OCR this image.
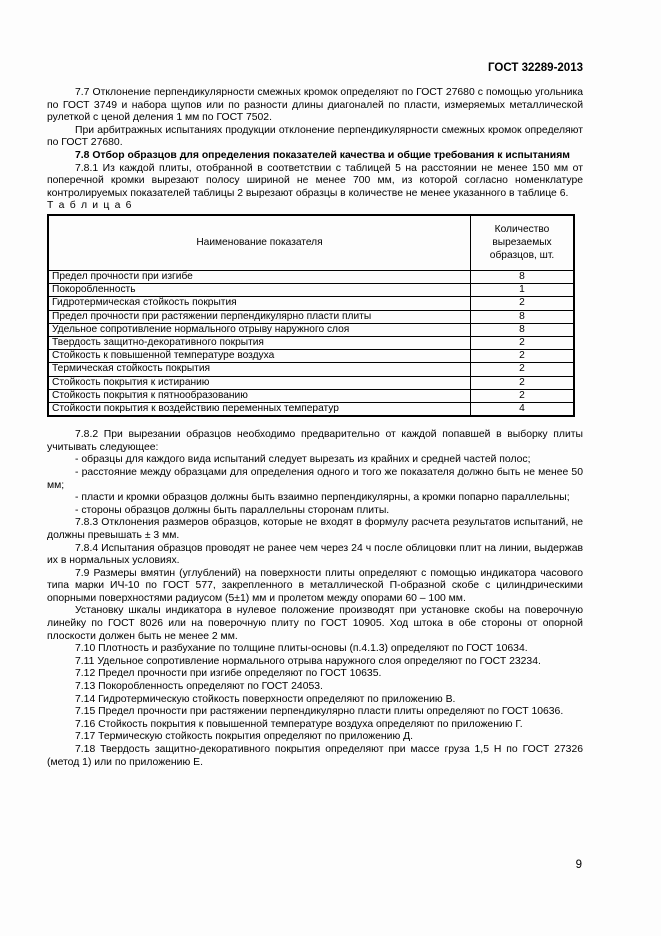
ГОСТ 32289-2013

7.7 Отклонение перпендикулярности смежных кромок определяют по ГОСТ 27680 с помощью угольника по ГОСТ 3749 и набора щупов или по разности длины диагоналей по пласти, измеряемых металлической рулеткой с ценой деления 1 мм по ГОСТ 7502.

При арбитражных испытаниях продукции отклонение перпендикулярности смежных кромок определяют по ГОСТ 27680.

7.8 Отбор образцов для определения показателей качества и общие требования к испытаниям

7.8.1 Из каждой плиты, отобранной в соответствии с таблицей 5 на расстоянии не менее 150 мм от поперечной кромки вырезают полосу шириной не менее 700 мм, из которой согласно номенклатуре контролируемых показателей таблицы 2 вырезают образцы в количестве не менее указанного в таблице 6.

Т а б л и ц а 6

Наименование показателя	Количество вырезаемых образцов, шт.
Предел прочности при изгибе	8
Покоробленность	1
Гидротермическая стойкость покрытия	2
Предел прочности при растяжении перпендикулярно пласти плиты	8
Удельное сопротивление нормального отрыву наружного слоя	8
Твердость защитно-декоративного покрытия	2
Стойкость к повышенной температуре воздуха	2
Термическая стойкость покрытия	2
Стойкость покрытия к истиранию	2
Стойкость покрытия к пятнообразованию	2
Стойкости покрытия к воздействию переменных температур	4

7.8.2 При вырезании образцов необходимо предварительно от каждой попавшей в выборку плиты учитывать следующее:

- образцы для каждого вида испытаний следует вырезать из крайних и средней частей полос;

- расстояние между образцами для определения одного и того же показателя должно быть не менее 50 мм;

- пласти и кромки образцов должны быть взаимно перпендикулярны, а кромки попарно параллельны;

- стороны образцов должны быть параллельны сторонам плиты.

7.8.3 Отклонения размеров образцов, которые не входят в формулу расчета результатов испытаний, не должны превышать ± 3 мм.

7.8.4 Испытания образцов проводят не ранее чем через 24 ч после облицовки плит на линии, выдержав их в нормальных условиях.

7.9 Размеры вмятин (углублений) на поверхности плиты определяют с помощью индикатора часового типа марки ИЧ-10 по ГОСТ 577, закрепленного в металлической П-образной скобе с цилиндрическими опорными поверхностями радиусом (5±1) мм и пролетом между опорами 60 – 100 мм.

Установку шкалы индикатора в нулевое положение производят при установке скобы на поверочную линейку по ГОСТ 8026 или на поверочную плиту по ГОСТ 10905. Ход штока в обе стороны от опорной плоскости должен быть не менее 2 мм.

7.10 Плотность и разбухание по толщине плиты-основы (п.4.1.3) определяют по ГОСТ 10634.

7.11 Удельное сопротивление нормального отрыва наружного слоя определяют по ГОСТ 23234.

7.12 Предел прочности при изгибе определяют по ГОСТ 10635.

7.13 Покоробленность определяют по ГОСТ 24053.

7.14 Гидротермическую стойкость поверхности определяют по приложению В.

7.15 Предел прочности при растяжении перпендикулярно пласти плиты определяют по ГОСТ 10636.

7.16 Стойкость покрытия к повышенной температуре воздуха определяют по приложению Г.

7.17 Термическую стойкость покрытия определяют по приложению Д.

7.18 Твердость защитно-декоративного покрытия определяют при массе груза 1,5 Н по ГОСТ 27326 (метод 1) или по приложению Е.

9
